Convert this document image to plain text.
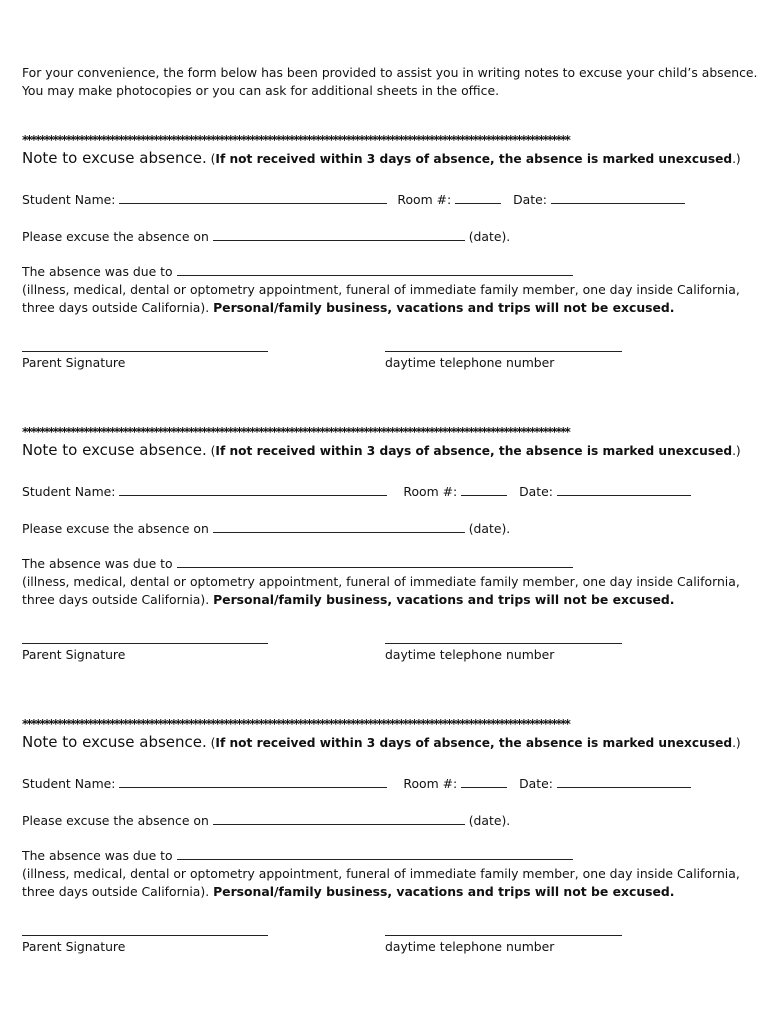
For your convenience, the form below has been provided to assist you in writing notes to excuse your child’s absence.
You may make photocopies or you can ask for additional sheets in the office.
*****************************************************************************************************************************
Note to excuse absence. (If not received within 3 days of absence, the absence is marked unexcused.)
Student Name:	Room #:	Date:
Please excuse the absence on	(date).
The absence was due to
(illness, medical, dental or optometry appointment, funeral of immediate family member, one day inside California,
three days outside California). Personal/family business, vacations and trips will not be excused.
Parent Signature	daytime telephone number
*****************************************************************************************************************************
Note to excuse absence. (If not received within 3 days of absence, the absence is marked unexcused.)
Student Name:	Room #:	Date:
Please excuse the absence on	(date).
The absence was due to
(illness, medical, dental or optometry appointment, funeral of immediate family member, one day inside California,
three days outside California). Personal/family business, vacations and trips will not be excused.
Parent Signature	daytime telephone number
*****************************************************************************************************************************
Note to excuse absence. (If not received within 3 days of absence, the absence is marked unexcused.)
Student Name:	Room #:	Date:
Please excuse the absence on	(date).
The absence was due to
(illness, medical, dental or optometry appointment, funeral of immediate family member, one day inside California,
three days outside California). Personal/family business, vacations and trips will not be excused.
Parent Signature	daytime telephone number
